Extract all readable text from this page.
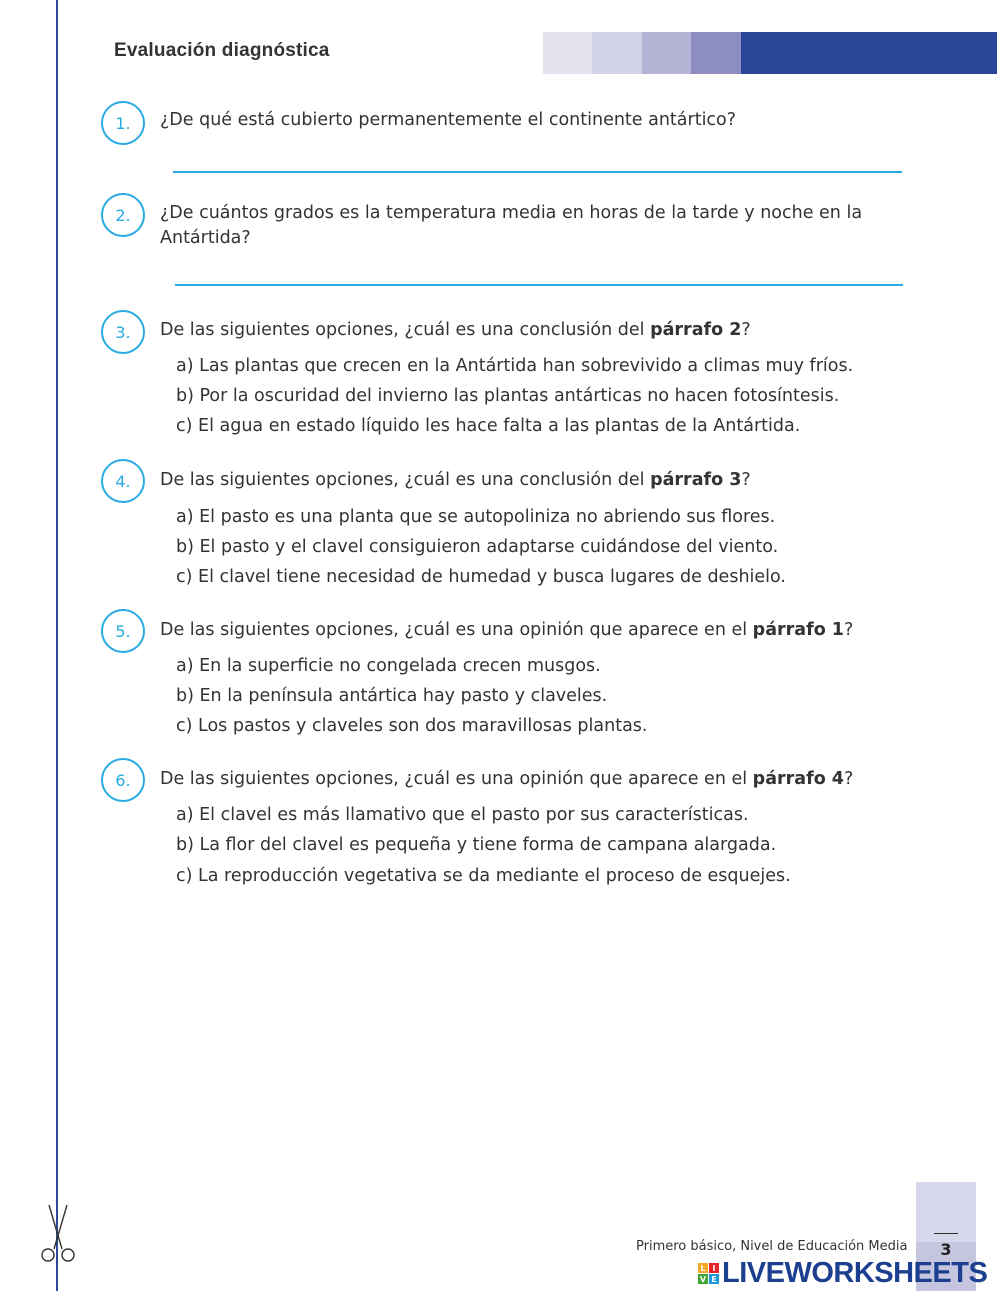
Evaluación diagnóstica
1.	¿De qué está cubierto permanentemente el continente antártico?
2.	¿De cuántos grados es la temperatura media en horas de la tarde y noche en la
Antártida?
3.	De las siguientes opciones, ¿cuál es una conclusión del párrafo 2?
a) Las plantas que crecen en la Antártida han sobrevivido a climas muy fríos.
b) Por la oscuridad del invierno las plantas antárticas no hacen fotosíntesis.
c) El agua en estado líquido les hace falta a las plantas de la Antártida.
4.	De las siguientes opciones, ¿cuál es una conclusión del párrafo 3?
a) El pasto es una planta que se autopoliniza no abriendo sus flores.
b) El pasto y el clavel consiguieron adaptarse cuidándose del viento.
c) El clavel tiene necesidad de humedad y busca lugares de deshielo.
5.	De las siguientes opciones, ¿cuál es una opinión que aparece en el párrafo 1?
a) En la superficie no congelada crecen musgos.
b) En la península antártica hay pasto y claveles.
c) Los pastos y claveles son dos maravillosas plantas.
6.	De las siguientes opciones, ¿cuál es una opinión que aparece en el párrafo 4?
a) El clavel es más llamativo que el pasto por sus características.
b) La flor del clavel es pequeña y tiene forma de campana alargada.
c) La reproducción vegetativa se da mediante el proceso de esquejes.
Primero básico, Nivel de Educación Media	3
L I
V E LIVEWORKSHEETS
